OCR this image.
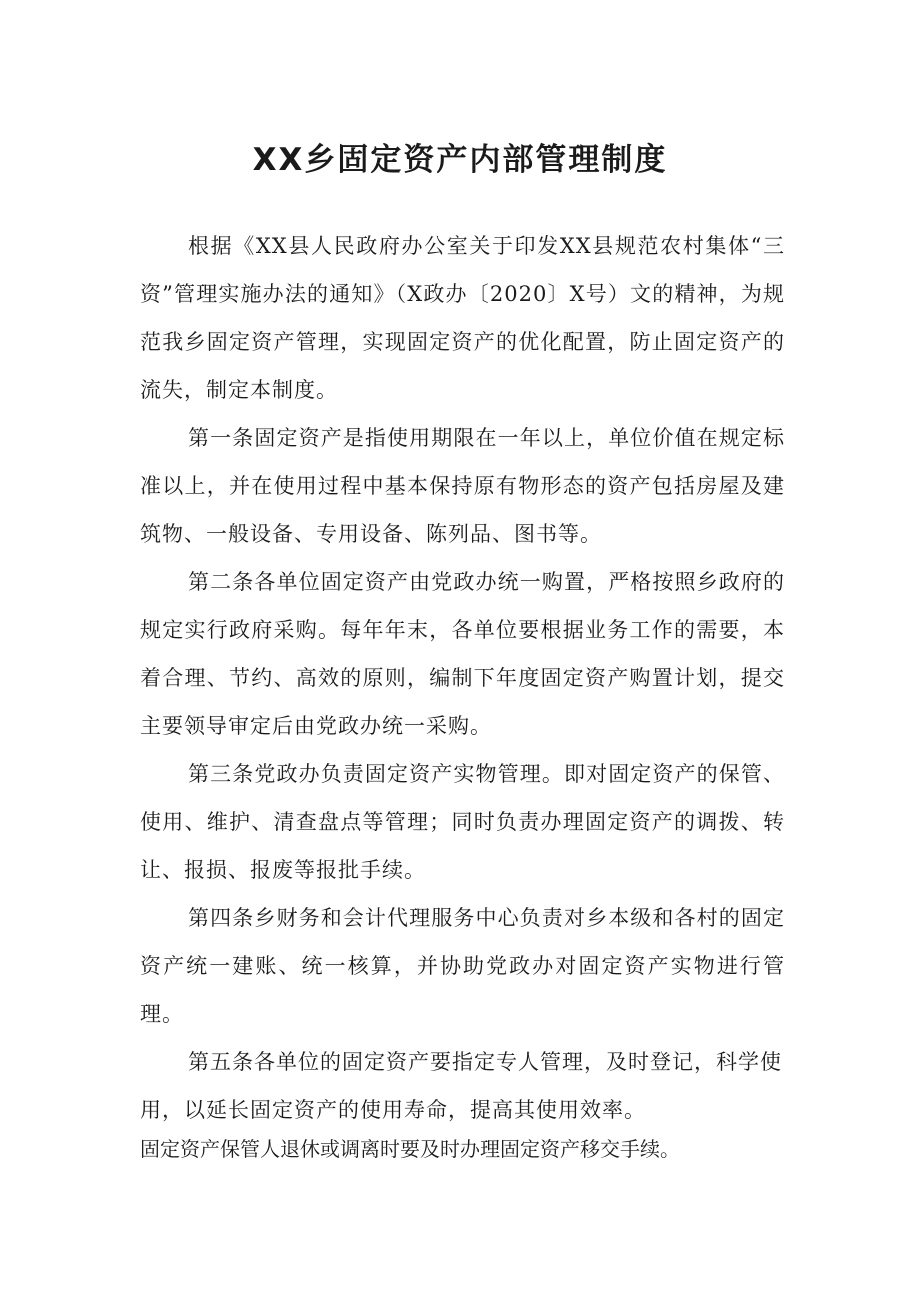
XX乡固定资产内部管理制度

根据《XX县人民政府办公室关于印发XX县规范农村集体“三资”管理实施办法的通知》（X政办〔2020〕X号）文的精神，为规范我乡固定资产管理，实现固定资产的优化配置，防止固定资产的流失，制定本制度。

第一条固定资产是指使用期限在一年以上，单位价值在规定标准以上，并在使用过程中基本保持原有物形态的资产包括房屋及建筑物、一般设备、专用设备、陈列品、图书等。

第二条各单位固定资产由党政办统一购置，严格按照乡政府的规定实行政府采购。每年年末，各单位要根据业务工作的需要，本着合理、节约、高效的原则，编制下年度固定资产购置计划，提交主要领导审定后由党政办统一采购。

第三条党政办负责固定资产实物管理。即对固定资产的保管、使用、维护、清查盘点等管理；同时负责办理固定资产的调拨、转让、报损、报废等报批手续。

第四条乡财务和会计代理服务中心负责对乡本级和各村的固定资产统一建账、统一核算，并协助党政办对固定资产实物进行管理。

第五条各单位的固定资产要指定专人管理，及时登记，科学使用，以延长固定资产的使用寿命，提高其使用效率。

固定资产保管人退休或调离时要及时办理固定资产移交手续。
